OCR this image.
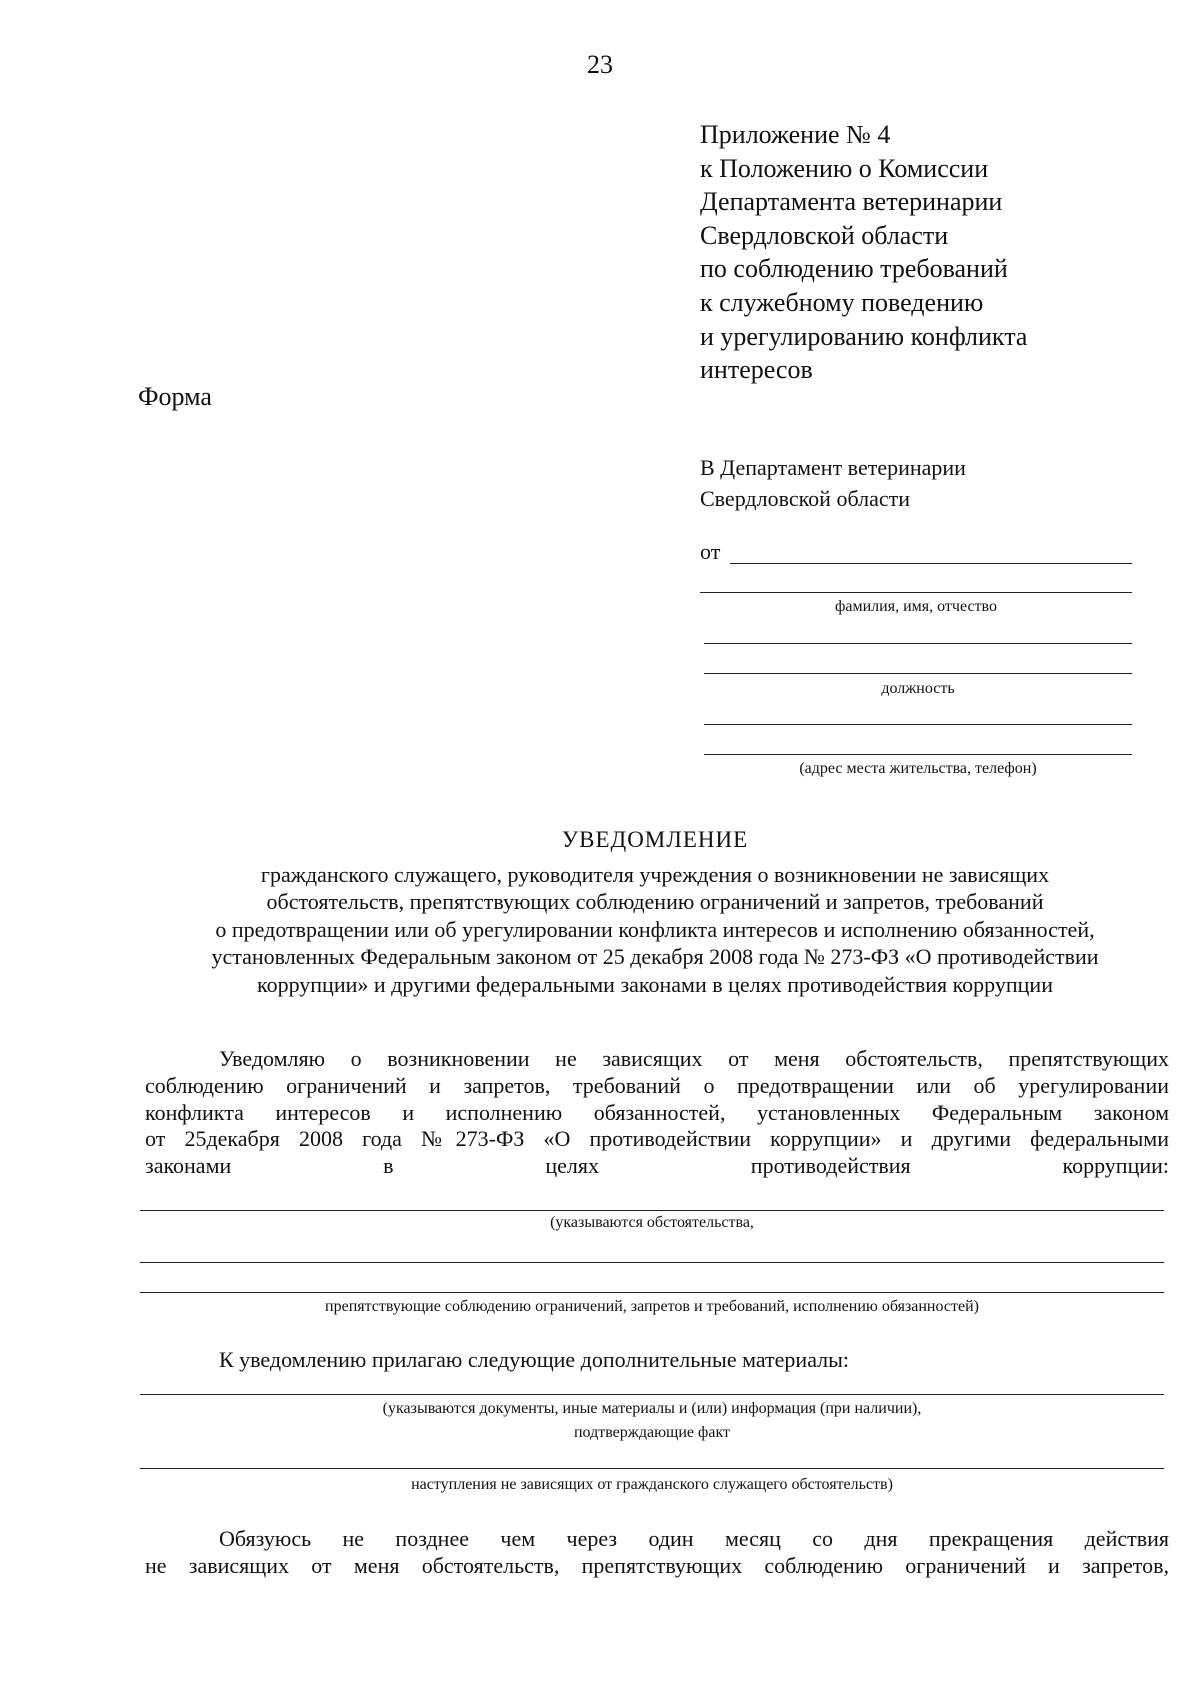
23
Приложение № 4
к Положению о Комиссии
Департамента ветеринарии
Свердловской области
по соблюдению требований
к служебному поведению
и урегулированию конфликта
интересов
Форма
В Департамент ветеринарии
Свердловской области
от
фамилия, имя, отчество
должность
(адрес места жительства, телефон)
УВЕДОМЛЕНИЕ
гражданского служащего, руководителя учреждения о возникновении не зависящих
обстоятельств, препятствующих соблюдению ограничений и запретов, требований
о предотвращении или об урегулировании конфликта интересов и исполнению обязанностей,
установленных Федеральным законом от 25 декабря 2008 года № 273-ФЗ «О противодействии
коррупции» и другими федеральными законами в целях противодействия коррупции

Уведомляю о возникновении не зависящих от меня обстоятельств, препятствующих

соблюдению ограничений и запретов, требований о предотвращении или об урегулировании

конфликта интересов и исполнению обязанностей, установленных Федеральным законом

от 25декабря 2008 года №273-ФЗ «О противодействии коррупции» и другими федеральными

законами в целях противодействия коррупции:

(указываются обстоятельства,
препятствующие соблюдению ограничений, запретов и требований, исполнению обязанностей)

К уведомлению прилагаю следующие дополнительные материалы:

(указываются документы, иные материалы и (или) информация (при наличии),
подтверждающие факт
наступления не зависящих от гражданского служащего обстоятельств)

Обязуюсь не позднее чем через один месяц со дня прекращения действия

не зависящих от меня обстоятельств, препятствующих соблюдению ограничений и запретов,
